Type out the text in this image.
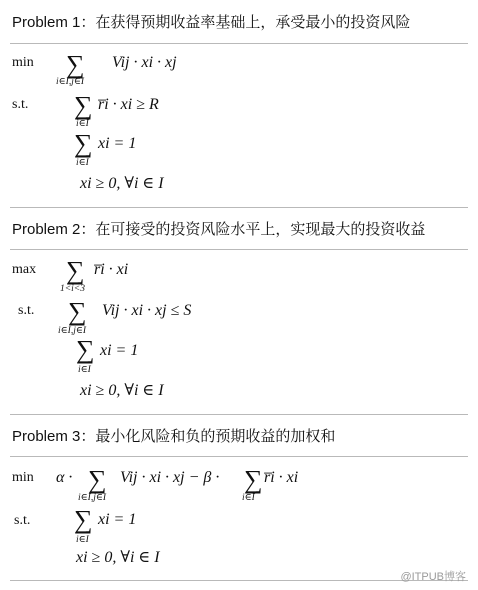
Problem 1：在获得预期收益率基础上，承受最小的投资风险
Problem 2：在可接受的投资风险水平上，实现最大的投资收益
Problem 3：最小化风险和负的预期收益的加权和
min ∑
i∈I,j∈I
Vij · xi · xj
s.t. ∑
i∈I
r̅i · xi ≥ R
∑
i∈I
xi = 1
xi ≥ 0, ∀i ∈ I
max ∑
1<i<3
r̅i · xi
s.t. ∑
i∈I,j∈I
Vij · xi · xj ≤ S
∑
i∈I
xi = 1
xi ≥ 0, ∀i ∈ I
min α · ∑
i∈I,j∈I
Vij · xi · xj − β · ∑
i∈I
r̅i · xi
s.t. ∑
i∈I
xi = 1
xi ≥ 0, ∀i ∈ I
@ITPUB博客
